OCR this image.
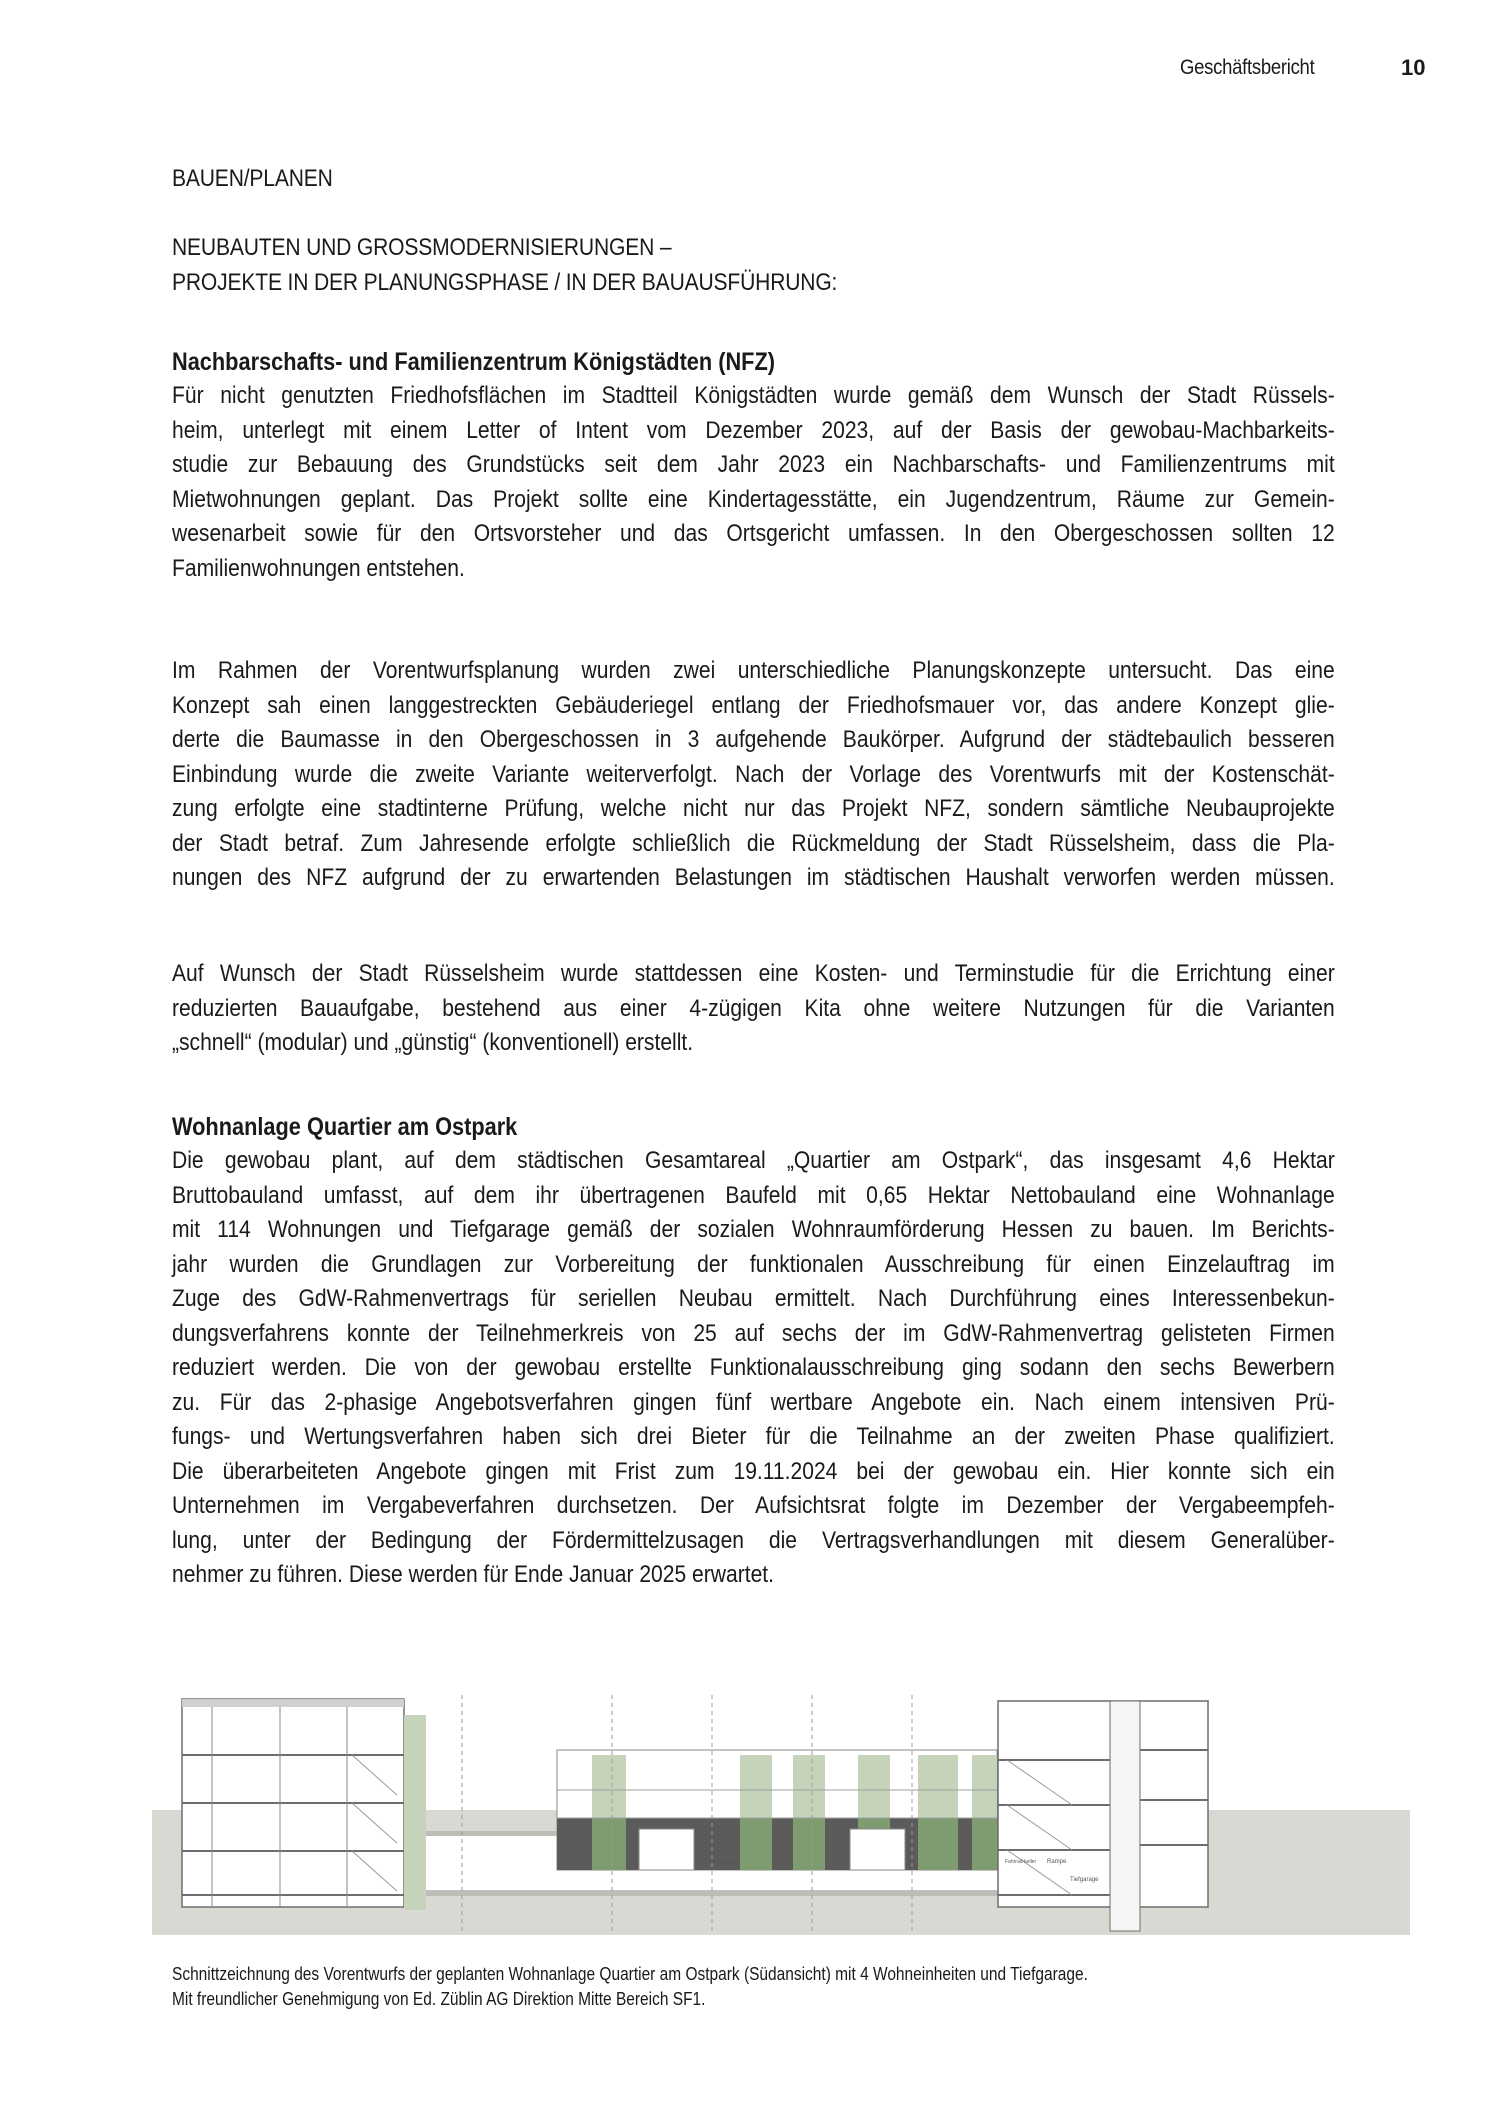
Geschäftsbericht	10
BAUEN/PLANEN
NEUBAUTEN UND GROSSMODERNISIERUNGEN –
PROJEKTE IN DER PLANUNGSPHASE / IN DER BAUAUSFÜHRUNG:
Nachbarschafts- und Familienzentrum Königstädten (NFZ)
Für nicht genutzten Friedhofsflächen im Stadtteil Königstädten wurde gemäß dem Wunsch der Stadt Rüssels-
heim, unterlegt mit einem Letter of Intent vom Dezember 2023, auf der Basis der gewobau-Machbarkeits-
studie zur Bebauung des Grundstücks seit dem Jahr 2023 ein Nachbarschafts- und Familienzentrums mit
Mietwohnungen geplant. Das Projekt sollte eine Kindertagesstätte, ein Jugendzentrum, Räume zur Gemein-
wesenarbeit sowie für den Ortsvorsteher und das Ortsgericht umfassen. In den Obergeschossen sollten 12
Familienwohnungen entstehen.
Im Rahmen der Vorentwurfsplanung wurden zwei unterschiedliche Planungskonzepte untersucht. Das eine
Konzept sah einen langgestreckten Gebäuderiegel entlang der Friedhofsmauer vor, das andere Konzept glie-
derte die Baumasse in den Obergeschossen in 3 aufgehende Baukörper. Aufgrund der städtebaulich besseren
Einbindung wurde die zweite Variante weiterverfolgt. Nach der Vorlage des Vorentwurfs mit der Kostenschät-
zung erfolgte eine stadtinterne Prüfung, welche nicht nur das Projekt NFZ, sondern sämtliche Neubauprojekte
der Stadt betraf. Zum Jahresende erfolgte schließlich die Rückmeldung der Stadt Rüsselsheim, dass die Pla-
nungen des NFZ aufgrund der zu erwartenden Belastungen im städtischen Haushalt verworfen werden müssen.
Auf Wunsch der Stadt Rüsselsheim wurde stattdessen eine Kosten- und Terminstudie für die Errichtung einer
reduzierten Bauaufgabe, bestehend aus einer 4-zügigen Kita ohne weitere Nutzungen für die Varianten
„schnell“ (modular) und „günstig“ (konventionell) erstellt.
Wohnanlage Quartier am Ostpark
Die gewobau plant, auf dem städtischen Gesamtareal „Quartier am Ostpark“, das insgesamt 4,6 Hektar
Bruttobauland umfasst, auf dem ihr übertragenen Baufeld mit 0,65 Hektar Nettobauland eine Wohnanlage
mit 114 Wohnungen und Tiefgarage gemäß der sozialen Wohnraumförderung Hessen zu bauen. Im Berichts-
jahr wurden die Grundlagen zur Vorbereitung der funktionalen Ausschreibung für einen Einzelauftrag im
Zuge des GdW-Rahmenvertrags für seriellen Neubau ermittelt. Nach Durchführung eines Interessenbekun-
dungsverfahrens konnte der Teilnehmerkreis von 25 auf sechs der im GdW-Rahmenvertrag gelisteten Firmen
reduziert werden. Die von der gewobau erstellte Funktionalausschreibung ging sodann den sechs Bewerbern
zu. Für das 2-phasige Angebotsverfahren gingen fünf wertbare Angebote ein. Nach einem intensiven Prü-
fungs- und Wertungsverfahren haben sich drei Bieter für die Teilnahme an der zweiten Phase qualifiziert.
Die überarbeiteten Angebote gingen mit Frist zum 19.11.2024 bei der gewobau ein. Hier konnte sich ein
Unternehmen im Vergabeverfahren durchsetzen. Der Aufsichtsrat folgte im Dezember der Vergabeempfeh-
lung, unter der Bedingung der Fördermittelzusagen die Vertragsverhandlungen mit diesem Generalüber-
nehmer zu führen. Diese werden für Ende Januar 2025 erwartet.
Tiefgarage
Tiefgarage
Rampe
Fahrrad-keller
Schnittzeichnung des Vorentwurfs der geplanten Wohnanlage Quartier am Ostpark (Südansicht) mit 4 Wohneinheiten und Tiefgarage.
Mit freundlicher Genehmigung von Ed. Züblin AG Direktion Mitte Bereich SF1.
